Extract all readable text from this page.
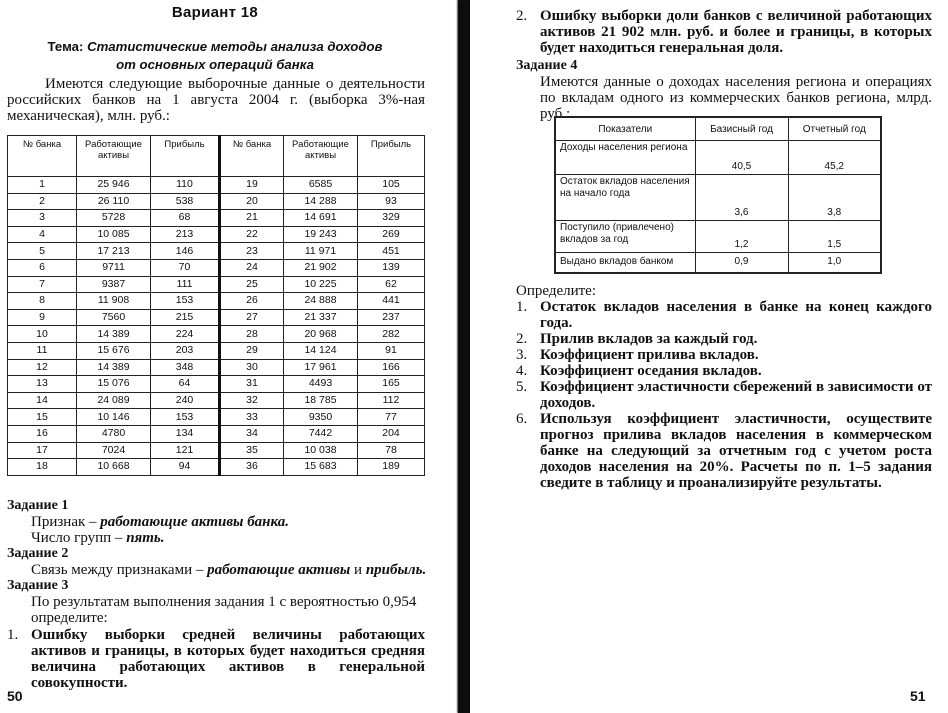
Вариант 18
Тема: Статистические методы анализа доходов
от основных операций банка
Имеются следующие выборочные данные о деятельности российских банков на 1 августа 2004 г. (выборка 3%-ная механическая), млн. руб.:
№ банка	Работающие активы	Прибыль	№ банка	Работающие активы	Прибыль
1	25 946	110	19	6585	105
2	26 110	538	20	14 288	93
3	5728	68	21	14 691	329
4	10 085	213	22	19 243	269
5	17 213	146	23	11 971	451
6	9711	70	24	21 902	139
7	9387	111	25	10 225	62
8	11 908	153	26	24 888	441
9	7560	215	27	21 337	237
10	14 389	224	28	20 968	282
11	15 676	203	29	14 124	91
12	14 389	348	30	17 961	166
13	15 076	64	31	4493	165
14	24 089	240	32	18 785	112
15	10 146	153	33	9350	77
16	4780	134	34	7442	204
17	7024	121	35	10 038	78
18	10 668	94	36	15 683	189
Задание 1
Признак – работающие активы банка.
Число групп – пять.
Задание 2
Связь между признаками – работающие активы и прибыль.
Задание 3
По результатам выполнения задания 1 с вероятностью 0,954
определите:
1. Ошибку выборки средней величины работающих активов и границы, в которых будет находиться средняя величина работающих активов в генеральной совокупности.
50
2. Ошибку выборки доли банков с величиной работающих активов 21 902 млн. руб. и более и границы, в которых будет находиться генеральная доля.
Задание 4
Имеются данные о доходах населения региона и операциях по вкладам одного из коммерческих банков региона, млрд. руб.:
Показатели	Базисный год	Отчетный год
Доходы населения региона	40,5	45,2
Остаток вкладов населения на начало года	3,6	3,8
Поступило (привлечено) вкладов за год	1,2	1,5
Выдано вкладов банком	0,9	1,0
Определите:
1. Остаток вкладов населения в банке на конец каждого года.
2. Прилив вкладов за каждый год.
3. Коэффициент прилива вкладов.
4. Коэффициент оседания вкладов.
5. Коэффициент эластичности сбережений в зависимости от доходов.
6. Используя коэффициент эластичности, осуществите прогноз прилива вкладов населения в коммерческом банке на следующий за отчетным год с учетом роста доходов населения на 20%. Расчеты по п. 1–5 задания сведите в таблицу и проанализируйте результаты.
51
